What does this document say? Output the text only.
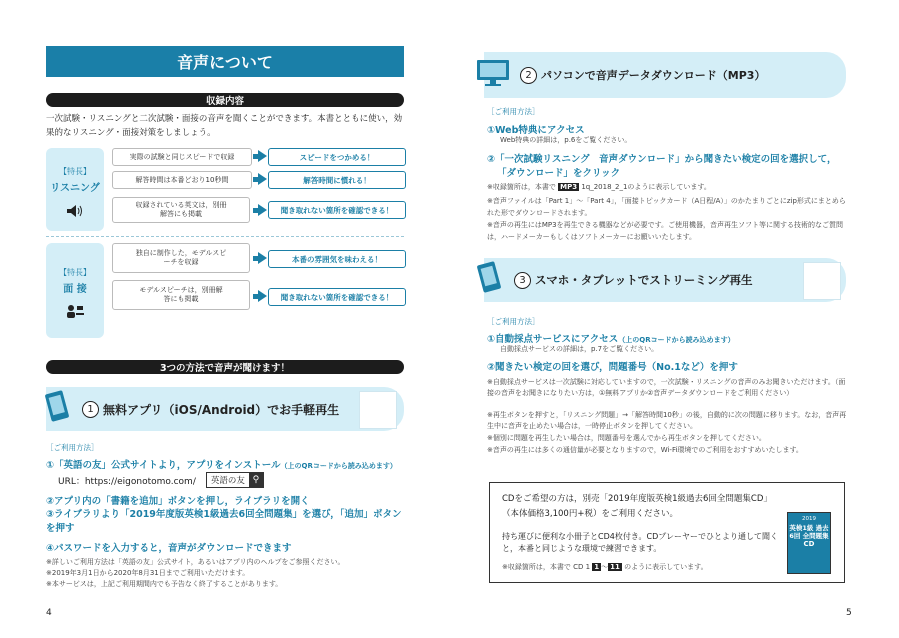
音声について
収録内容
一次試験・リスニングと二次試験・面接の音声を聞くことができます。本書とともに使い，効果的なリスニング・面接対策をしましょう。
【特長】
リスニング
実際の試験と同じスピードで収録
解答時間は本番どおり10秒間
収録されている英文は，別冊解答にも掲載
スピードをつかめる！
解答時間に慣れる！
聞き取れない箇所を確認できる！
【特長】
面 接
独自に制作した，モデルスピーチを収録
モデルスピーチは，別冊解答にも掲載
本番の雰囲気を味わえる！
聞き取れない箇所を確認できる！
3つの方法で音声が聞けます！
1 無料アプリ（iOS/Android）でお手軽再生
［ご利用方法］
①「英語の友」公式サイトより，アプリをインストール（上のQRコードから読み込めます）
URL：https://eigonotomo.com/	英語の友 ⚲
②アプリ内の「書籍を追加」ボタンを押し，ライブラリを開く
③ライブラリより「2019年度版英検1級過去6回全問題集」を選び，「追加」ボタンを押す
④パスワードを入力すると，音声がダウンロードできます
※詳しいご利用方法は「英語の友」公式サイト，あるいはアプリ内のヘルプをご参照ください。
※2019年3月1日から2020年8月31日までご利用いただけます。
※本サービスは，上記ご利用期間内でも予告なく終了することがあります。
4
2 パソコンで音声データダウンロード（MP3）
［ご利用方法］
①Web特典にアクセス
Web特典の詳細は，p.6をご覧ください。
②「一次試験リスニング　音声ダウンロード」から聞きたい検定の回を選択して，
「ダウンロード」をクリック
※収録箇所は，本書で MP3 1q_2018_2_1のように表示しています。
※音声ファイルは「Part 1」～「Part 4」，「面接トピックカード（A日程/A）」のかたまりごとにzip形式にまとめられた形でダウンロードされます。
※音声の再生にはMP3を再生できる機器などが必要です。ご使用機器，音声再生ソフト等に関する技術的なご質問は，ハードメーカーもしくはソフトメーカーにお願いいたします。
3 スマホ・タブレットでストリーミング再生
［ご利用方法］
①自動採点サービスにアクセス（上のQRコードから読み込めます）
自動採点サービスの詳細は，p.7をご覧ください。
②聞きたい検定の回を選び，問題番号（No.1など）を押す
※自動採点サービスは一次試験に対応していますので，一次試験・リスニングの音声のみお聞きいただけます。（面接の音声をお聞きになりたい方は，①無料アプリか②音声データダウンロードをご利用ください）
※再生ボタンを押すと，「リスニング問題」→「解答時間10秒」の後，自動的に次の問題に移ります。なお，音声再生中に音声を止めたい場合は，一時停止ボタンを押してください。
※個別に問題を再生したい場合は，問題番号を選んでから再生ボタンを押してください。
※音声の再生には多くの通信量が必要となりますので，Wi-Fi環境でのご利用をおすすめいたします。
CDをご希望の方は，別売「2019年度版英検1級過去6回全問題集CD」
（本体価格3,100円+税）をご利用ください。
持ち運びに便利な小冊子とCD4枚付き。CDプレーヤーでひとより通して聞くと，本番と同じような環境で練習できます。
※収録箇所は，本書で CD 1 1 ～ 11 のように表示しています。
2019
英検1級 過去6回 全問題集
CD
5
